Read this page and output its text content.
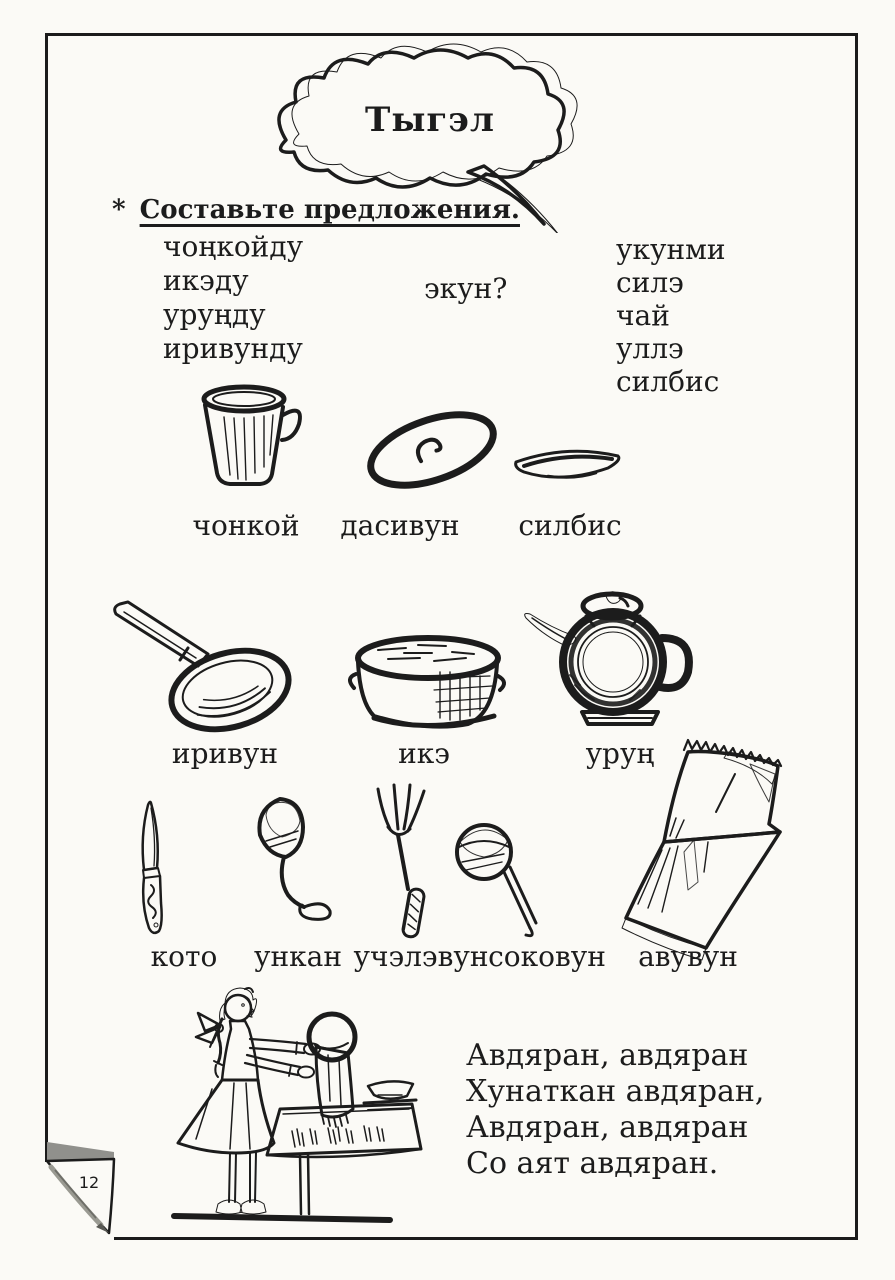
Тыгэл
* Составьте предложения.
чоңкойду
икэду
уруңду
иривунду
экун?
укунми
силэ
чай
уллэ
силбис
чонкой дасивун силбис
иривун	икэ	уруң
кото ункан учэлэвун соковун авувун
Авдяран, авдяран
Хунаткан авдяран,
Авдяран, авдяран
Со аят авдяран.
12
